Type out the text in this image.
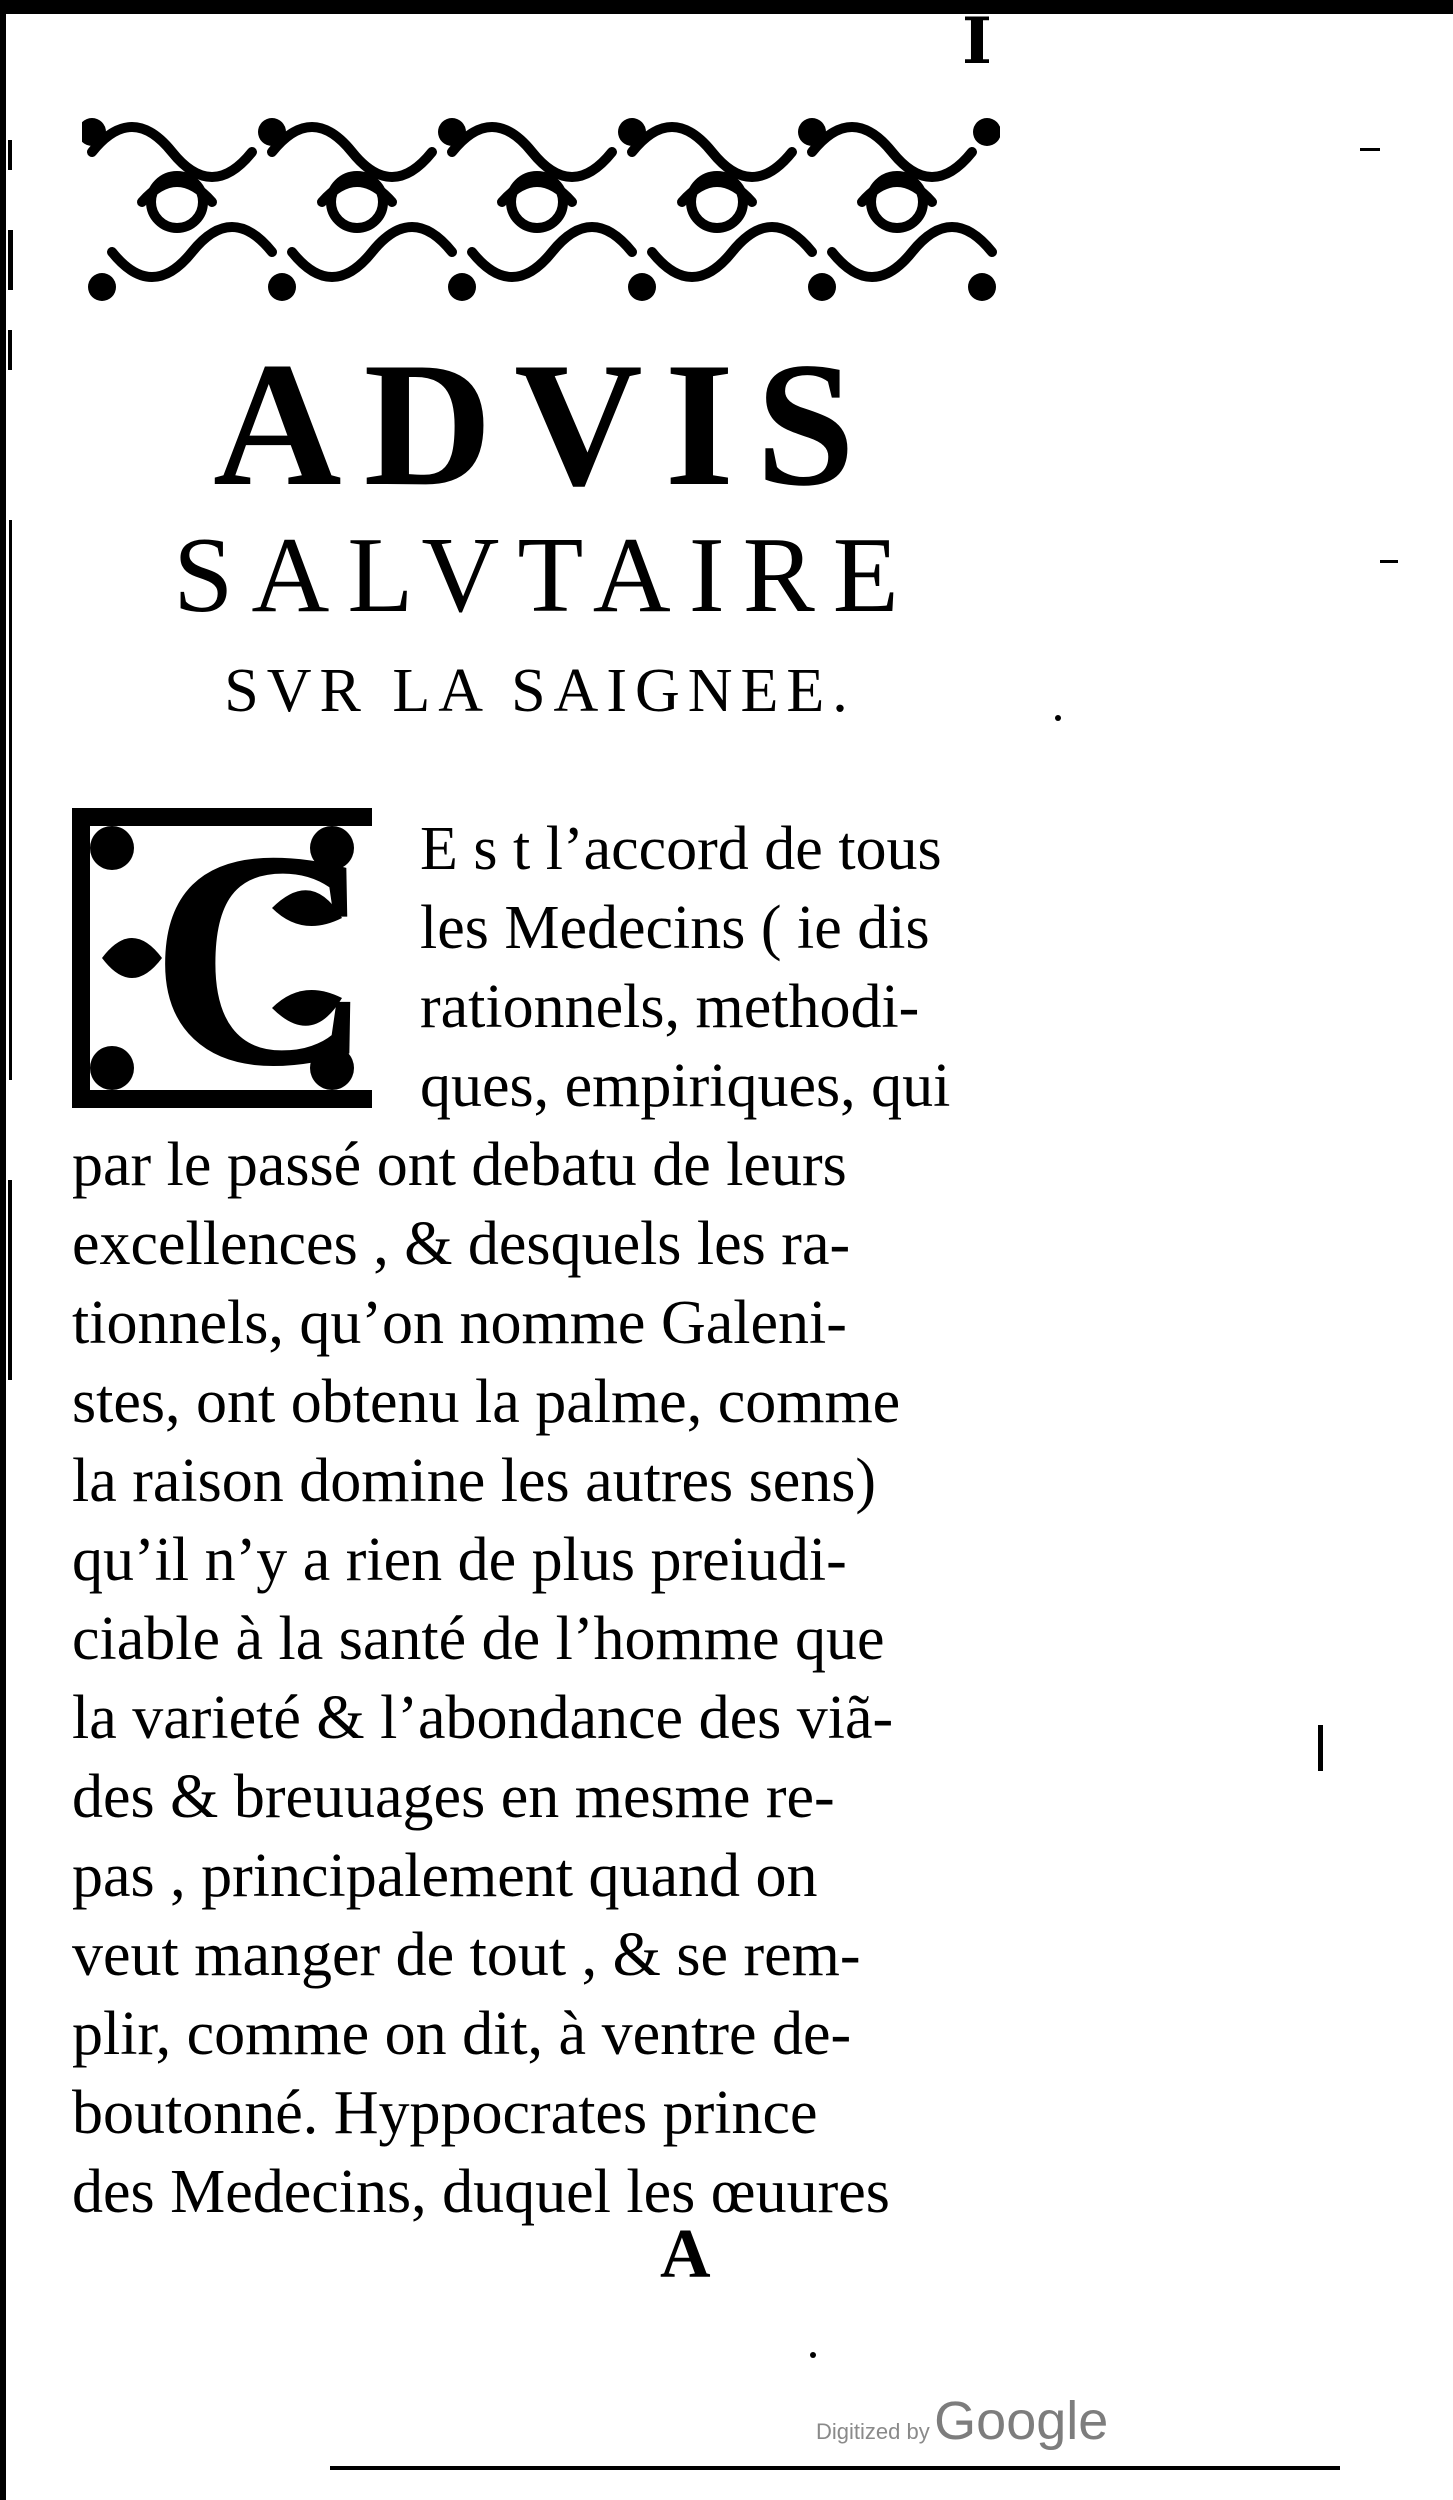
I
ADVIS
SALVTAIRE
SVR LA SAIGNEE.
C E s t l’accord de tous
les Medecins ( ie dis
rationnels, methodi-
ques, empiriques, qui
par le passé ont debatu de leurs
excellences , & desquels les ra-
tionnels, qu’on nomme Galeni-
stes, ont obtenu la palme, comme
la raison domine les autres sens)
qu’il n’y a rien de plus preiudi-
ciable à la santé de l’homme que
la varieté & l’abondance des viã-
des & breuuages en mesme re-
pas , principalement quand on
veut manger de tout , & se rem-
plir, comme on dit, à ventre de-
boutonné. Hyppocrates prince
des Medecins, duquel les œuures
A
Digitized by Google
